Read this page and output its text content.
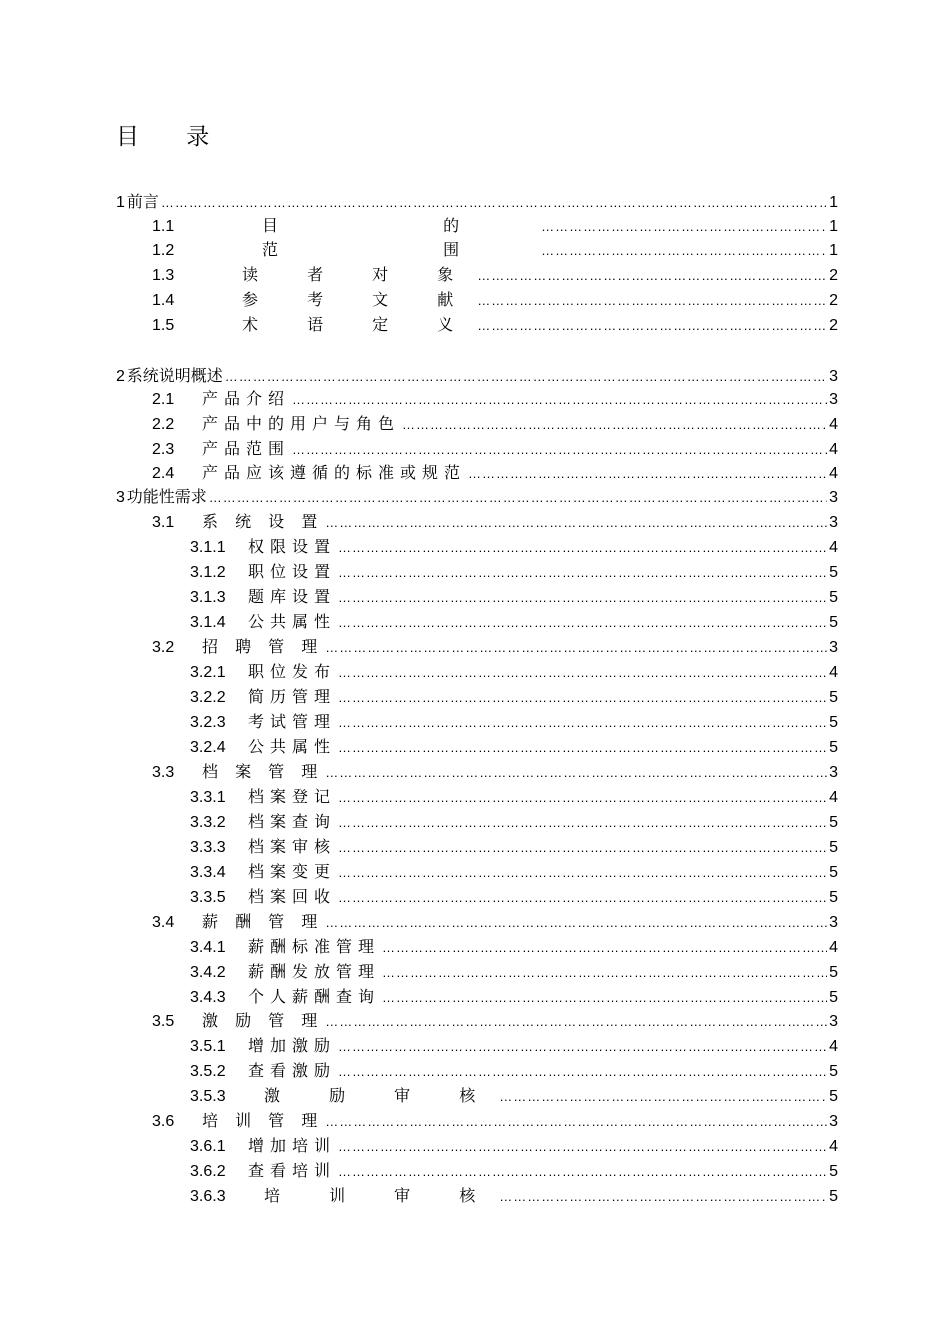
目 录
1 前言 ………………………………………………………………………………………………………………………………………………………………………………………………………………………………………………………………	1
1.1	目 的 ………………………………………………………………………………………………………………………………………………………………………………………………………………………………………………………………	1
1.2	范 围 ………………………………………………………………………………………………………………………………………………………………………………………………………………………………………………………………	1
1.3	读 者 对 象 ………………………………………………………………………………………………………………………………………………………………………………………………………………………………………………………………	2
1.4	参 考 文 献 ………………………………………………………………………………………………………………………………………………………………………………………………………………………………………………………………	2
1.5	术 语 定 义 ………………………………………………………………………………………………………………………………………………………………………………………………………………………………………………………………	2
2 系统说明概述 ………………………………………………………………………………………………………………………………………………………………………………………………………………………………………………………………	3
2.1	产品介绍 ………………………………………………………………………………………………………………………………………………………………………………………………………………………………………………………………	3
2.2	产品中的用户与角色 ………………………………………………………………………………………………………………………………………………………………………………………………………………………………………………………………	4
2.3	产品范围 ………………………………………………………………………………………………………………………………………………………………………………………………………………………………………………………………	4
2.4	产品应该遵循的标准或规范 ………………………………………………………………………………………………………………………………………………………………………………………………………………………………………………………………	4
3 功能性需求 ………………………………………………………………………………………………………………………………………………………………………………………………………………………………………………………………	3
3.1	系 统 设 置 ………………………………………………………………………………………………………………………………………………………………………………………………………………………………………………………………	3
3.1.1	权限设置 ………………………………………………………………………………………………………………………………………………………………………………………………………………………………………………………………	4
3.1.2	职位设置 ………………………………………………………………………………………………………………………………………………………………………………………………………………………………………………………………	5
3.1.3	题库设置 ………………………………………………………………………………………………………………………………………………………………………………………………………………………………………………………………	5
3.1.4	公共属性 ………………………………………………………………………………………………………………………………………………………………………………………………………………………………………………………………	5
3.2	招 聘 管 理 ………………………………………………………………………………………………………………………………………………………………………………………………………………………………………………………………	3
3.2.1	职位发布 ………………………………………………………………………………………………………………………………………………………………………………………………………………………………………………………………	4
3.2.2	简历管理 ………………………………………………………………………………………………………………………………………………………………………………………………………………………………………………………………	5
3.2.3	考试管理 ………………………………………………………………………………………………………………………………………………………………………………………………………………………………………………………………	5
3.2.4	公共属性 ………………………………………………………………………………………………………………………………………………………………………………………………………………………………………………………………	5
3.3	档 案 管 理 ………………………………………………………………………………………………………………………………………………………………………………………………………………………………………………………………	3
3.3.1	档案登记 ………………………………………………………………………………………………………………………………………………………………………………………………………………………………………………………………	4
3.3.2	档案查询 ………………………………………………………………………………………………………………………………………………………………………………………………………………………………………………………………	5
3.3.3	档案审核 ………………………………………………………………………………………………………………………………………………………………………………………………………………………………………………………………	5
3.3.4	档案变更 ………………………………………………………………………………………………………………………………………………………………………………………………………………………………………………………………	5
3.3.5	档案回收 ………………………………………………………………………………………………………………………………………………………………………………………………………………………………………………………………	5
3.4	薪 酬 管 理 ………………………………………………………………………………………………………………………………………………………………………………………………………………………………………………………………	3
3.4.1	薪酬标准管理 ………………………………………………………………………………………………………………………………………………………………………………………………………………………………………………………………	4
3.4.2	薪酬发放管理 ………………………………………………………………………………………………………………………………………………………………………………………………………………………………………………………………	5
3.4.3	个人薪酬查询 ………………………………………………………………………………………………………………………………………………………………………………………………………………………………………………………………	5
3.5	激 励 管 理 ………………………………………………………………………………………………………………………………………………………………………………………………………………………………………………………………	3
3.5.1	增加激励 ………………………………………………………………………………………………………………………………………………………………………………………………………………………………………………………………	4
3.5.2	查看激励 ………………………………………………………………………………………………………………………………………………………………………………………………………………………………………………………………	5
3.5.3	激 励 审 核 ………………………………………………………………………………………………………………………………………………………………………………………………………………………………………………………………	5
3.6	培 训 管 理 ………………………………………………………………………………………………………………………………………………………………………………………………………………………………………………………………	3
3.6.1	增加培训 ………………………………………………………………………………………………………………………………………………………………………………………………………………………………………………………………	4
3.6.2	查看培训 ………………………………………………………………………………………………………………………………………………………………………………………………………………………………………………………………	5
3.6.3	培 训 审 核 ………………………………………………………………………………………………………………………………………………………………………………………………………………………………………………………………	5
